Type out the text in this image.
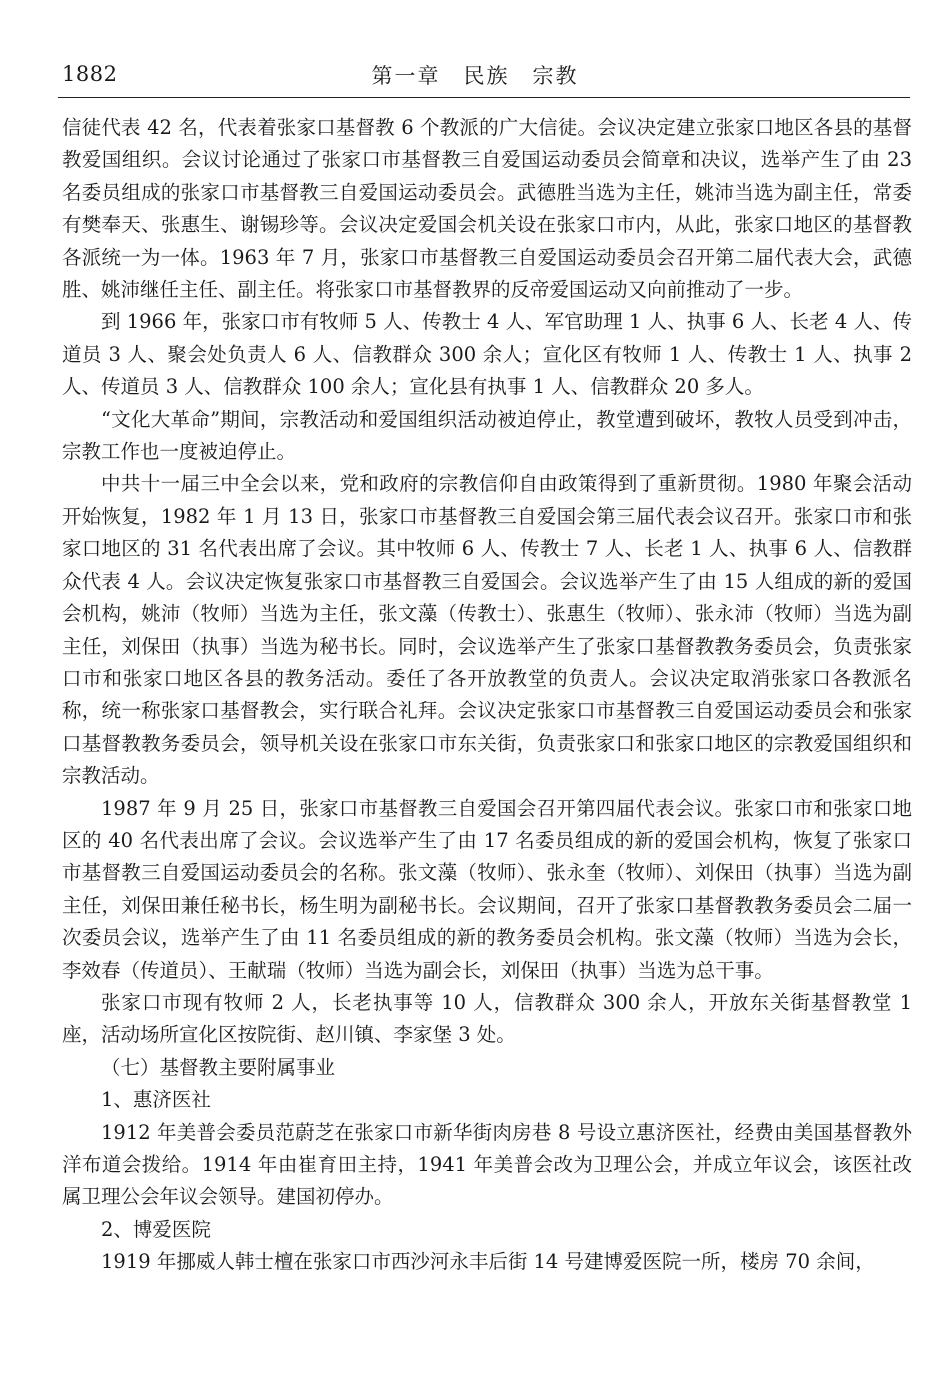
1882	第一章　民族　宗教

信徒代表 42 名，代表着张家口基督教 6 个教派的广大信徒。会议决定建立张家口地区各县的基督教爱国组织。会议讨论通过了张家口市基督教三自爱国运动委员会简章和决议，选举产生了由 23 名委员组成的张家口市基督教三自爱国运动委员会。武德胜当选为主任，姚沛当选为副主任，常委有樊奉天、张惠生、谢锡珍等。会议决定爱国会机关设在张家口市内，从此，张家口地区的基督教各派统一为一体。1963 年 7 月，张家口市基督教三自爱国运动委员会召开第二届代表大会，武德胜、姚沛继任主任、副主任。将张家口市基督教界的反帝爱国运动又向前推动了一步。

到 1966 年，张家口市有牧师 5 人、传教士 4 人、军官助理 1 人、执事 6 人、长老 4 人、传道员 3 人、聚会处负责人 6 人、信教群众 300 余人；宣化区有牧师 1 人、传教士 1 人、执事 2 人、传道员 3 人、信教群众 100 余人；宣化县有执事 1 人、信教群众 20 多人。

“文化大革命”期间，宗教活动和爱国组织活动被迫停止，教堂遭到破坏，教牧人员受到冲击，宗教工作也一度被迫停止。

中共十一届三中全会以来，党和政府的宗教信仰自由政策得到了重新贯彻。1980 年聚会活动开始恢复，1982 年 1 月 13 日，张家口市基督教三自爱国会第三届代表会议召开。张家口市和张家口地区的 31 名代表出席了会议。其中牧师 6 人、传教士 7 人、长老 1 人、执事 6 人、信教群众代表 4 人。会议决定恢复张家口市基督教三自爱国会。会议选举产生了由 15 人组成的新的爱国会机构，姚沛（牧师）当选为主任，张文藻（传教士）、张惠生（牧师）、张永沛（牧师）当选为副主任，刘保田（执事）当选为秘书长。同时，会议选举产生了张家口基督教教务委员会，负责张家口市和张家口地区各县的教务活动。委任了各开放教堂的负责人。会议决定取消张家口各教派名称，统一称张家口基督教会，实行联合礼拜。会议决定张家口市基督教三自爱国运动委员会和张家口基督教教务委员会，领导机关设在张家口市东关街，负责张家口和张家口地区的宗教爱国组织和宗教活动。

1987 年 9 月 25 日，张家口市基督教三自爱国会召开第四届代表会议。张家口市和张家口地区的 40 名代表出席了会议。会议选举产生了由 17 名委员组成的新的爱国会机构，恢复了张家口市基督教三自爱国运动委员会的名称。张文藻（牧师）、张永奎（牧师）、刘保田（执事）当选为副主任，刘保田兼任秘书长，杨生明为副秘书长。会议期间，召开了张家口基督教教务委员会二届一次委员会议，选举产生了由 11 名委员组成的新的教务委员会机构。张文藻（牧师）当选为会长，李效春（传道员）、王献瑞（牧师）当选为副会长，刘保田（执事）当选为总干事。

张家口市现有牧师 2 人，长老执事等 10 人，信教群众 300 余人，开放东关街基督教堂 1 座，活动场所宣化区按院街、赵川镇、李家堡 3 处。

（七）基督教主要附属事业

1、惠济医社

1912 年美普会委员范蔚芝在张家口市新华街肉房巷 8 号设立惠济医社，经费由美国基督教外洋布道会拨给。1914 年由崔育田主持，1941 年美普会改为卫理公会，并成立年议会，该医社改属卫理公会年议会领导。建国初停办。

2、博爱医院

1919 年挪威人韩士檀在张家口市西沙河永丰后街 14 号建博爱医院一所，楼房 70 余间，
